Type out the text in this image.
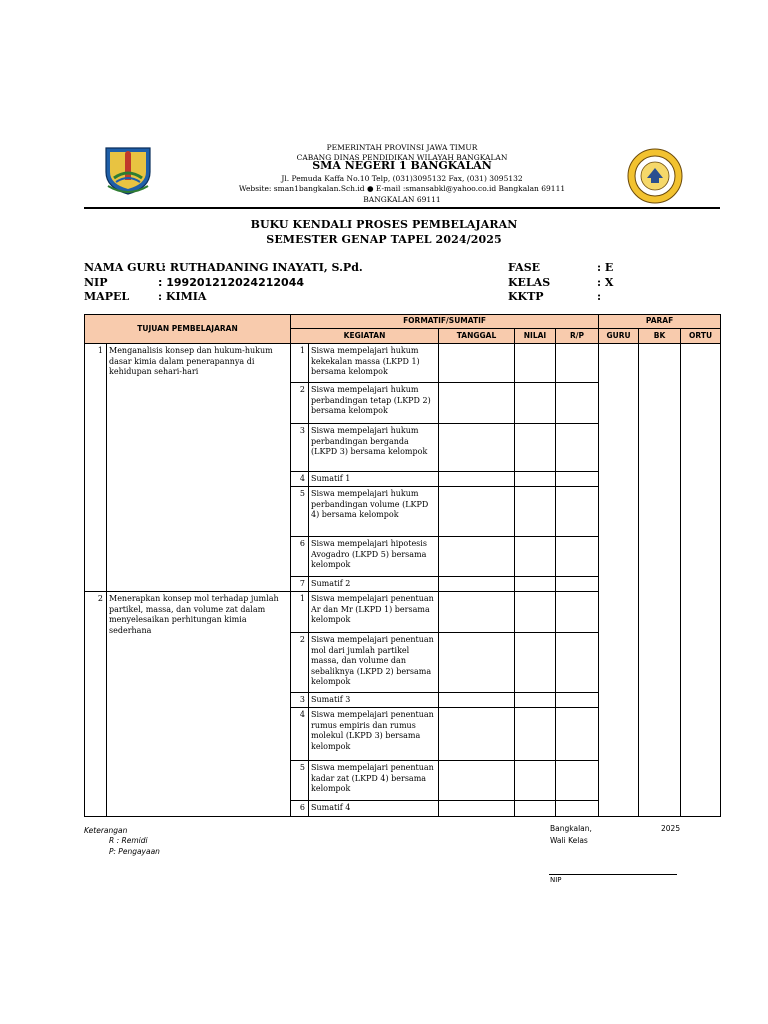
PEMERINTAH PROVINSI JAWA TIMUR
CABANG DINAS PENDIDIKAN WILAYAH BANGKALAN
SMA NEGERI 1 BANGKALAN
Jl. Pemuda Kaffa No.10 Telp, (031)3095132 Fax, (031) 3095132
Website: sman1bangkalan.Sch.id ● E-mail :smansabkl@yahoo.co.id Bangkalan 69111
BANGKALAN 69111
BUKU KENDALI PROSES PEMBELAJARAN
SEMESTER GENAP TAPEL 2024/2025
NAMA GURU
: RUTHADANING INAYATI, S.Pd.
NIP	: 199201212024212044
MAPEL	: KIMIA
FASE	: E
KELAS	: X
KKTP	:
TUJUAN PEMBELAJARAN		FORMATIF/SUMATIF					PARAF		
		KEGIATAN		TANGGAL	NILAI	R/P	GURU	BK	ORTU
1	Menganalisis konsep dan hukum-hukum dasar kimia dalam penerapannya di kehidupan sehari-hari	1	Siswa mempelajari hukum kekekalan massa (LKPD 1) bersama kelompok						
		2	Siswa mempelajari hukum perbandingan tetap (LKPD 2) bersama kelompok						
		3	Siswa mempelajari hukum perbandingan berganda (LKPD 3) bersama kelompok						
		4	Sumatif 1						
		5	Siswa mempelajari hukum perbandingan volume (LKPD 4) bersama kelompok						
		6	Siswa mempelajari hipotesis Avogadro (LKPD 5) bersama kelompok						
		7	Sumatif 2						
2	Menerapkan konsep mol terhadap jumlah partikel, massa, dan volume zat dalam menyelesaikan perhitungan kimia sederhana	1	Siswa mempelajari penentuan Ar dan Mr (LKPD 1) bersama kelompok						
		2	Siswa mempelajari penentuan mol dari jumlah partikel massa, dan volume dan sebaliknya (LKPD 2) bersama kelompok						
		3	Sumatif 3						
		4	Siswa mempelajari penentuan rumus empiris dan rumus molekul (LKPD 3) bersama kelompok						
		5	Siswa mempelajari penentuan kadar zat (LKPD 4) bersama kelompok						
		6	Sumatif 4						
Keterangan
R : Remidi
P: Pengayaan
Bangkalan,	2025
Wali Kelas
NIP
